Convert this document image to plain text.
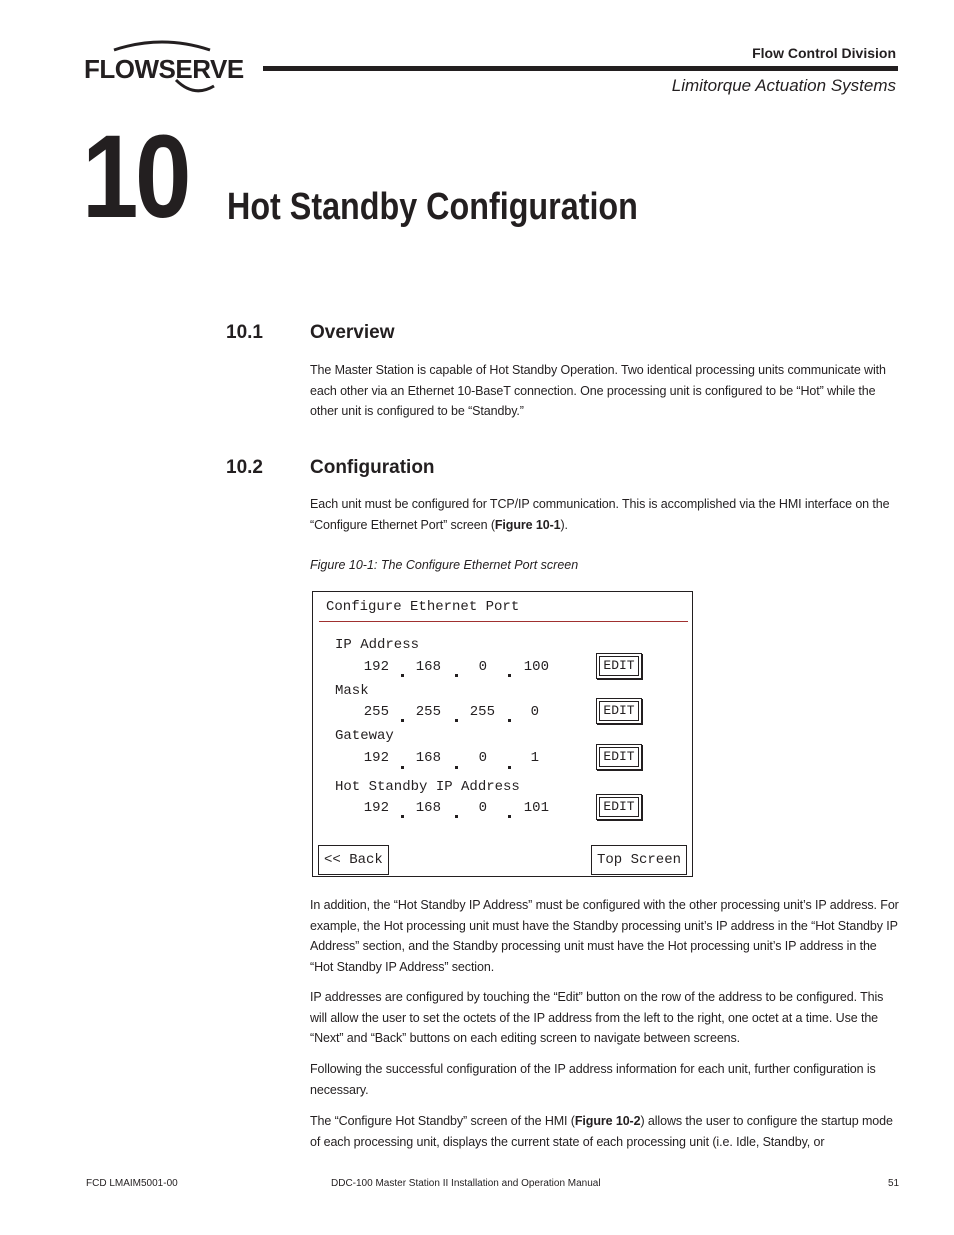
FLOWSERVE
Flow Control Division
Limitorque Actuation Systems
10 Hot Standby Configuration
10.1 Overview
The Master Station is capable of Hot Standby Operation. Two identical processing units communicate with each other via an Ethernet 10-BaseT connection. One processing unit is configured to be “Hot” while the other unit is configured to be “Standby.”
10.2 Configuration
Each unit must be configured for TCP/IP communication. This is accomplished via the HMI interface on the “Configure Ethernet Port” screen (Figure 10-1).
Figure 10-1: The Configure Ethernet Port screen
Configure Ethernet Port
IP Address
192	168	0	100	EDIT
Mask
255	255	255	0	EDIT
Gateway
192	168	0	1	EDIT
Hot Standby IP Address
192	168	0	101	EDIT
<< Back	Top Screen
In addition, the “Hot Standby IP Address” must be configured with the other processing unit’s IP address. For example, the Hot processing unit must have the Standby processing unit’s IP address in the “Hot Standby IP Address” section, and the Standby processing unit must have the Hot processing unit’s IP address in the “Hot Standby IP Address” section.
IP addresses are configured by touching the “Edit” button on the row of the address to be configured. This will allow the user to set the octets of the IP address from the left to the right, one octet at a time. Use the “Next” and “Back” buttons on each editing screen to navigate between screens.
Following the successful configuration of the IP address information for each unit, further configuration is necessary.
The “Configure Hot Standby” screen of the HMI (Figure 10-2) allows the user to configure the startup mode of each processing unit, displays the current state of each processing unit (i.e. Idle, Standby, or
FCD LMAIM5001-00	DDC-100 Master Station II Installation and Operation Manual	51
